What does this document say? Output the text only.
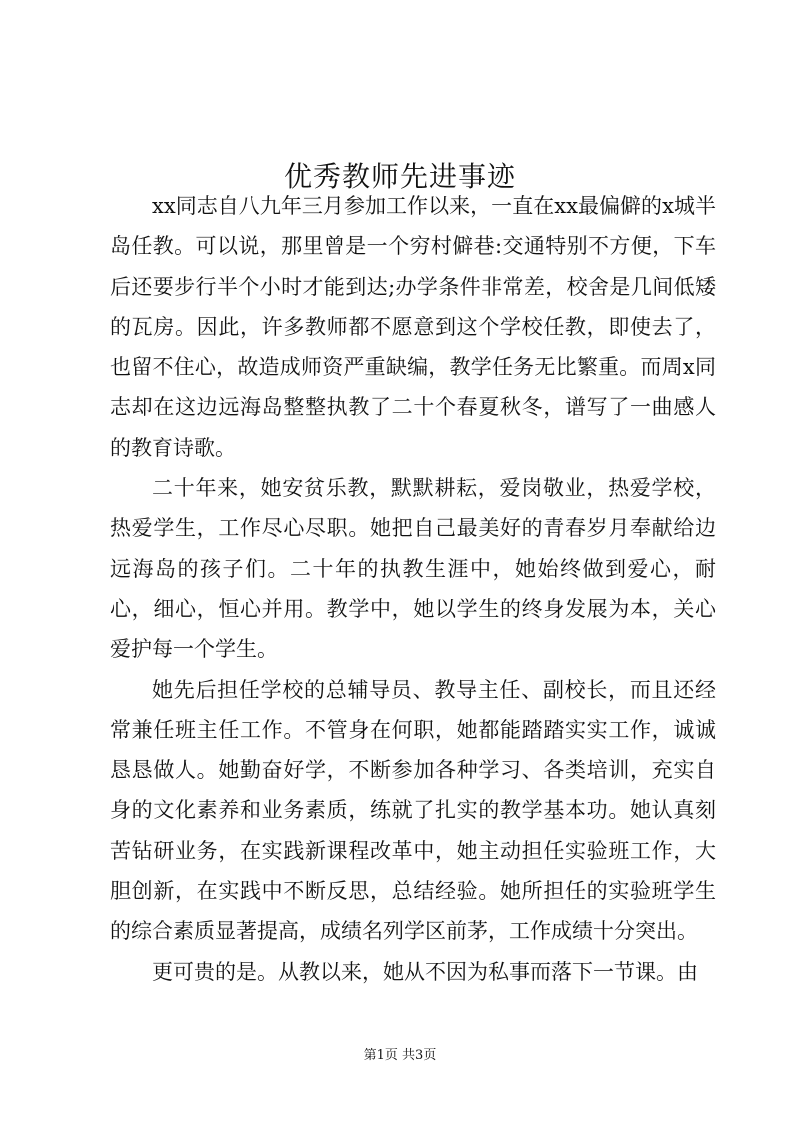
优秀教师先进事迹

xx同志自八九年三月参加工作以来，一直在xx最偏僻的x城半岛任教。可以说，那里曾是一个穷村僻巷:交通特别不方便，下车后还要步行半个小时才能到达;办学条件非常差，校舍是几间低矮的瓦房。因此，许多教师都不愿意到这个学校任教，即使去了，也留不住心，故造成师资严重缺编，教学任务无比繁重。而周x同志却在这边远海岛整整执教了二十个春夏秋冬，谱写了一曲感人的教育诗歌。

二十年来，她安贫乐教，默默耕耘，爱岗敬业，热爱学校，热爱学生，工作尽心尽职。她把自己最美好的青春岁月奉献给边远海岛的孩子们。二十年的执教生涯中，她始终做到爱心，耐心，细心，恒心并用。教学中，她以学生的终身发展为本，关心爱护每一个学生。

她先后担任学校的总辅导员、教导主任、副校长，而且还经常兼任班主任工作。不管身在何职，她都能踏踏实实工作，诚诚恳恳做人。她勤奋好学，不断参加各种学习、各类培训，充实自身的文化素养和业务素质，练就了扎实的教学基本功。她认真刻苦钻研业务，在实践新课程改革中，她主动担任实验班工作，大胆创新，在实践中不断反思，总结经验。她所担任的实验班学生的综合素质显著提高，成绩名列学区前茅，工作成绩十分突出。

更可贵的是。从教以来，她从不因为私事而落下一节课。由

第1页 共3页
